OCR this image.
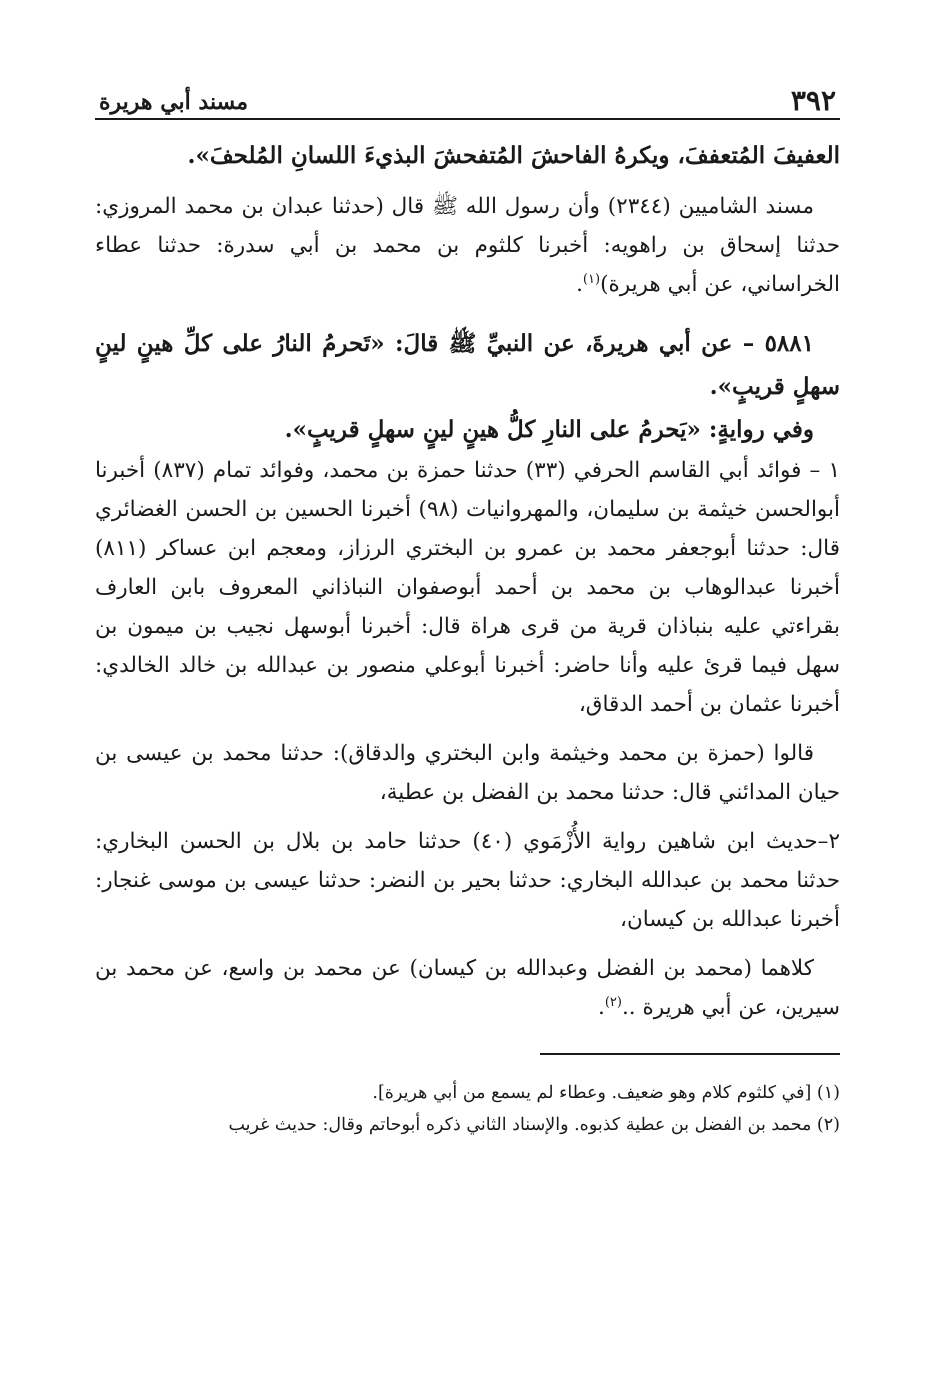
٣٩٢
مسند أبي هريرة

العفيفَ المُتعففَ، ويكرهُ الفاحشَ المُتفحشَ البذيءَ اللسانِ المُلحفَ».

مسند الشاميين (٢٣٤٤) وأن رسول الله ﷺ قال (حدثنا عبدان بن محمد المروزي: حدثنا إسحاق بن راهويه: أخبرنا كلثوم بن محمد بن أبي سدرة: حدثنا عطاء الخراساني، عن أبي هريرة)$^{(١)}$.

٥٨٨١ – عن أبي هريرةَ، عن النبيِّ ﷺ قالَ: «تَحرمُ النارُ على كلِّ هينٍ لينٍ سهلٍ قريبٍ».

وفي روايةٍ: «يَحرمُ على النارِ كلُّ هينٍ لينٍ سهلٍ قريبٍ».

١ – فوائد أبي القاسم الحرفي (٣٣) حدثنا حمزة بن محمد، وفوائد تمام (٨٣٧) أخبرنا أبوالحسن خيثمة بن سليمان، والمهروانيات (٩٨) أخبرنا الحسين بن الحسن الغضائري قال: حدثنا أبوجعفر محمد بن عمرو بن البختري الرزاز، ومعجم ابن عساكر (٨١١) أخبرنا عبدالوهاب بن محمد بن أحمد أبوصفوان النباذاني المعروف بابن العارف بقراءتي عليه بنباذان قرية من قرى هراة قال: أخبرنا أبوسهل نجيب بن ميمون بن سهل فيما قرئ عليه وأنا حاضر: أخبرنا أبوعلي منصور بن عبدالله بن خالد الخالدي: أخبرنا عثمان بن أحمد الدقاق،

قالوا (حمزة بن محمد وخيثمة وابن البختري والدقاق): حدثنا محمد بن عيسى بن حيان المدائني قال: حدثنا محمد بن الفضل بن عطية،

٢–حديث ابن شاهين رواية الأُزْمَوي (٤٠) حدثنا حامد بن بلال بن الحسن البخاري: حدثنا محمد بن عبدالله البخاري: حدثنا بحير بن النضر: حدثنا عيسى بن موسى غنجار: أخبرنا عبدالله بن كيسان،

كلاهما (محمد بن الفضل وعبدالله بن كيسان) عن محمد بن واسع، عن محمد بن سيرين، عن أبي هريرة ..$^{(٢)}$.

(١) [في كلثوم كلام وهو ضعيف. وعطاء لم يسمع من أبي هريرة].

(٢) محمد بن الفضل بن عطية كذبوه. والإسناد الثاني ذكره أبوحاتم وقال: حديث غريب
